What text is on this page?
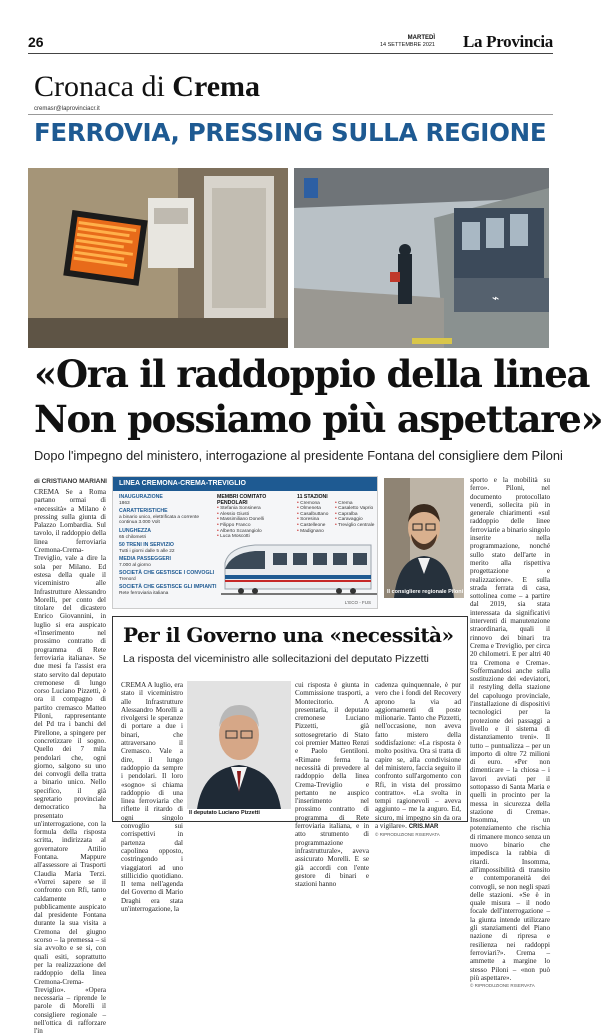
26	MARTEDÌ
14 SETTEMBRE 2021 La Provincia
Cronaca di Crema
cremasr@laprovinciacr.it
FERROVIA, PRESSING SULLA REGIONE
⌁
«Ora il raddoppio della linea
Non possiamo più aspettare»
Dopo l'impegno del ministero, interrogazione al presidente Fontana del consigliere dem Piloni
di CRISTIANO MARIANI
CREMA Se a Roma partano ormai di «necessità» a Milano è pressing sulla giunta di Palazzo Lombardia. Sul tavolo, il raddoppio della linea ferroviaria Cremona-Crema-Treviglio, vale a dire la sola per Milano. Ed estesa della quale il viceministro alle Infrastrutture Alessandro Morelli, per conto del titolare del dicastero Enrico Giovannini, in luglio si era auspicato «l'inserimento nel prossimo contratto di programma di Rete ferroviaria italiana». Se due mesi fa l'assist era stato servito dal deputato cremonese di lungo corso Luciano Pizzetti, è ora il compagno di partito cremasco Matteo Piloni, rappresentante del Pd tra i banchi del Pirellone, a spingere per concretizzare il sogno. Quello dei 7 mila pendolari che, ogni giorno, salgono su uno dei convogli della tratta a binario unico. Nello specifico, il già segretario provinciale democratico ha presentato un'interrogazione, con la formula della risposta scritta, indirizzata al governatore Attilio Fontana. Mappure all'assessore ai Trasporti Claudia Maria Terzi. «Vorrei sapere se il confronto con Rfi, tanto caldamente e pubblicamente auspicato dal presidente Fontana durante la sua visita a Cremona del giugno scorso – la premessa – si sia avvolto e se si, con quali esiti, soprattutto per la realizzazione del raddoppio della linea Cremona-Crema-Treviglio». «Opera necessaria – riprende le parole di Morelli il consigliere regionale – nell'ottica di rafforzare l'in
LINEA CREMONA-CREMA-TREVIGLIO
INAUGURAZIONE
1863
CARATTERISTICHE
a binario unico, elettrificata a corrente continua 3.000 Volt
LUNGHEZZA
65 chilometri
50 TRENI IN SERVIZIO
Tutti i giorni dalle 5 alle 22
MEDIA PASSEGGERI
7.000 al giorno
SOCIETÀ CHE GESTISCE I CONVOGLI
Trenord
SOCIETÀ CHE GESTISCE GLI IMPIANTI
Rete ferroviaria italiana
MEMBRI COMITATO PENDOLARI
• Stefania Sonsinera
• Alessio Giusti
• Massimiliano Donelli
• Filippo Franco
• Alberto Scarangiolo
• Luca Moscotti
11 STAZIONI
• Cremona
• Olmeneta
• Casalbuttano
• Soresina
• Castelleone
• Madignano
• Crema
• Casaletto Vaprio
• Capralba
• Caravaggio
• Treviglio centrale
L'ECO - FUS
Il consigliere regionale Piloni
sporto e la mobilità su ferro». Piloni, nel documento protocollato venerdì, sollecita più in generale chiarimenti «sul raddoppio delle linee ferroviarie a binario singolo inserite nella programmazione, nonché sullo stato dell'arte in merito alla rispettiva progettazione e realizzazione». E sulla strada ferrata di casa, sottolinea come – a partire dal 2019, sia stata interessata da significativi interventi di manutenzione straordinaria, quali il rinnovo dei binari tra Crema e Treviglio, per circa 20 chilometri. E per altri 40 tra Cremona e Crema». Soffermandosi anche sulla sostituzione dei «deviatori, il restyling della stazione del capoluogo provinciale, l'installazione di dispositivi tecnologici per la protezione dei passaggi a livello e il sistema di distanziamento treni». Il tutto – puntualizza – per un importo di oltre 72 milioni di euro. «Per non dimenticare – la chiosa – i lavori avviati per il sottopasso di Santa Maria e quelli in procinto per la messa in sicurezza della stazione di Crema». Insomma, un potenziamento che rischia di rimanere monco senza un nuovo binario che impedisca la rabbia di ritardi. Insomma, all'impossibilità di transito e contemporaneità dei convogli, se non negli spazi delle stazioni. «Se è in quale misura – il nodo focale dell'interrogazione – la giunta intende utilizzare gli stanziamenti del Piano nazione di ripresa e resilienza nei raddoppi ferroviari?». Crema – ammette a margine lo stesso Piloni – «non può più aspettare».
© RIPRODUZIONE RISERVATA
Per il Governo una «necessità»
La risposta del viceministro alle sollecitazioni del deputato Pizzetti
CREMA A luglio, era stato il viceministro alle Infrastrutture Alessandro Morelli a rivolgersi le speranze di portare a due i binari, che attraversano il Cremasco. Vale a dire, il lungo raddoppio da sempre i pendolari. Il loro «sogno» si chiama raddoppio di una linea ferroviaria che riflette il ritardo di ogni singolo convoglio sui corrispettivi in partenza dal capolinea opposto, costringendo i viaggiatori ad uno stillicidio quotidiano. Il tema nell'agenda del Governo di Mario Draghi era stata un'interrogazione, la
Il deputato Luciano Pizzetti
cui risposta è giunta in Commissione trasporti, a Montecitorio. A presentarla, il deputato cremonese Luciano Pizzetti, già sottosegretario di Stato coi premier Matteo Renzi e Paolo Gentiloni. «Rimane ferma la necessità di prevedere al raddoppio della linea Crema-Treviglio e pertanto ne auspico l'inserimento nel prossimo contratto di programma di Rete ferroviaria italiana, e in atto strumento di programmazione infrastrutturale», aveva assicurato Morelli. E se già accordi con l'ente gestore di binari e stazioni hanno
cadenza quinquennale, è pur vero che i fondi del Recovery aprono la via ad aggiornamenti di poste milionarie. Tanto che Pizzetti, nell'occasione, non aveva fatto mistero della soddisfazione: «La risposta è molto positiva. Ora si tratta di capire se, alla condivisione del ministero, faccia seguito il confronto sull'argomento con Rfi, in vista del prossimo contratto». «La svolta in tempi ragionevoli – aveva aggiunto – me la auguro. Ed, sicuro, mi impegno sin da ora a vigilare». CRIS.MAR
© RIPRODUZIONE RISERVATA
